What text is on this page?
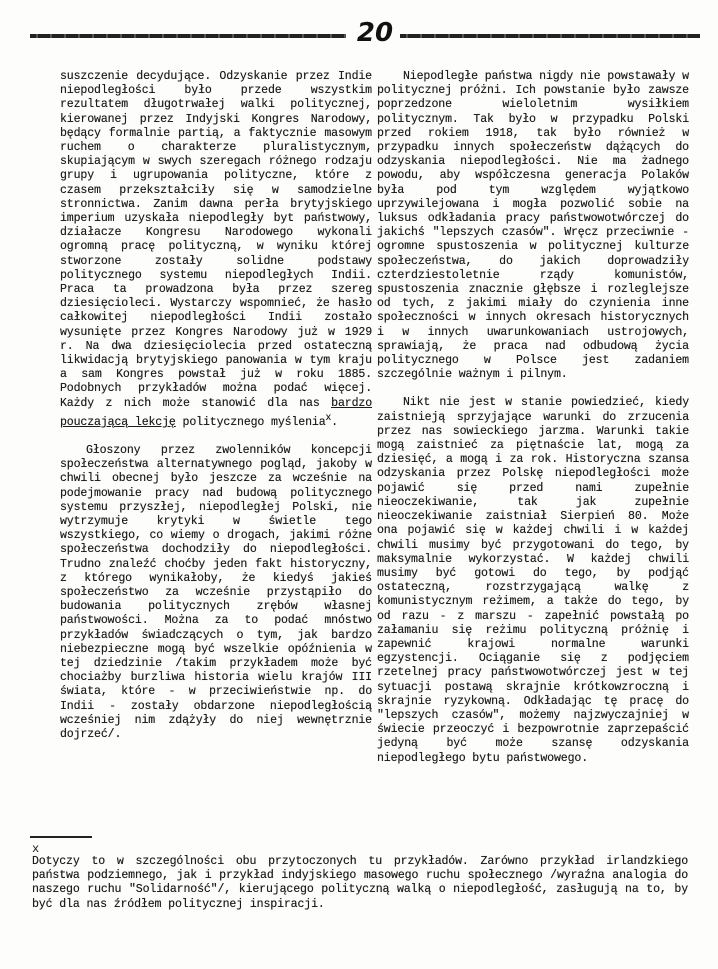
20

suszczenie decydujące. Odzyskanie przez Indie niepodległości było przede wszystkim rezultatem długotrwałej walki politycznej, kierowanej przez Indyjski Kongres Narodowy, będący formalnie partią, a faktycznie masowym ruchem o charakterze pluralistycznym, skupiającym w swych szeregach różnego rodzaju grupy i ugrupowania polityczne, które z czasem przekształciły się w samodzielne stronnictwa. Zanim dawna perła brytyjskiego imperium uzyskała niepodległy byt państwowy, działacze Kongresu Narodowego wykonali ogromną pracę polityczną, w wyniku której stworzone zostały solidne podstawy politycznego systemu niepodległych Indii. Praca ta prowadzona była przez szereg dziesięcioleci. Wystarczy wspomnieć, że hasło całkowitej niepodległości Indii zostało wysunięte przez Kongres Narodowy już w 1929 r. Na dwa dziesięciolecia przed ostateczną likwidacją brytyjskiego panowania w tym kraju a sam Kongres powstał już w roku 1885. Podobnych przykładów można podać więcej. Każdy z nich może stanowić dla nas bardzo pouczającą lekcję politycznego myślenia$^x$.

Głoszony przez zwolenników koncepcji społeczeństwa alternatywnego pogląd, jakoby w chwili obecnej było jeszcze za wcześnie na podejmowanie pracy nad budową politycznego systemu przyszłej, niepodległej Polski, nie wytrzymuje krytyki w świetle tego wszystkiego, co wiemy o drogach, jakimi różne społeczeństwa dochodziły do niepodległości. Trudno znaleźć choćby jeden fakt historyczny, z którego wynikałoby, że kiedyś jakieś społeczeństwo za wcześnie przystąpiło do budowania politycznych zrębów własnej państwowości. Można za to podać mnóstwo przykładów świadczących o tym, jak bardzo niebezpieczne mogą być wszelkie opóźnienia w tej dziedzinie /takim przykładem może być chociażby burzliwa historia wielu krajów III świata, które - w przeciwieństwie np. do Indii - zostały obdarzone niepodległością wcześniej nim zdążyły do niej wewnętrznie dojrzeć/.

Niepodległe państwa nigdy nie powstawały w politycznej próżni. Ich powstanie było zawsze poprzedzone wieloletnim wysiłkiem politycznym. Tak było w przypadku Polski przed rokiem 1918, tak było również w przypadku innych społeczeństw dążących do odzyskania niepodległości. Nie ma żadnego powodu, aby współczesna generacja Polaków była pod tym względem wyjątkowo uprzywilejowana i mogła pozwolić sobie na luksus odkładania pracy państwowotwórczej do jakichś "lepszych czasów". Wręcz przeciwnie - ogromne spustoszenia w politycznej kulturze społeczeństwa, do jakich doprowadziły czterdziestoletnie rządy komunistów, spustoszenia znacznie głębsze i rozleglejsze od tych, z jakimi miały do czynienia inne społeczności w innych okresach historycznych i w innych uwarunkowaniach ustrojowych, sprawiają, że praca nad odbudową życia politycznego w Polsce jest zadaniem szczególnie ważnym i pilnym.

Nikt nie jest w stanie powiedzieć, kiedy zaistnieją sprzyjające warunki do zrzucenia przez nas sowieckiego jarzma. Warunki takie mogą zaistnieć za piętnaście lat, mogą za dziesięć, a mogą i za rok. Historyczna szansa odzyskania przez Polskę niepodległości może pojawić się przed nami zupełnie nieoczekiwanie, tak jak zupełnie nieoczekiwanie zaistniał Sierpień 80. Może ona pojawić się w każdej chwili i w każdej chwili musimy być przygotowani do tego, by maksymalnie wykorzystać. W każdej chwili musimy być gotowi do tego, by podjąć ostateczną, rozstrzygającą walkę z komunistycznym reżimem, a także do tego, by od razu - z marszu - zapełnić powstałą po załamaniu się reżimu polityczną próżnię i zapewnić krajowi normalne warunki egzystencji. Ociąganie się z podjęciem rzetelnej pracy państwowotwórczej jest w tej sytuacji postawą skrajnie krótkowzroczną i skrajnie ryzykowną. Odkładając tę pracę do "lepszych czasów", możemy najzwyczajniej w świecie przeoczyć i bezpowrotnie zaprzepaścić jedyną być może szansę odzyskania niepodległego bytu państwowego.

x
Dotyczy to w szczególności obu przytoczonych tu przykładów. Zarówno przykład irlandzkiego państwa podziemnego, jak i przykład indyjskiego masowego ruchu społecznego /wyraźna analogia do naszego ruchu "Solidarność"/, kierującego polityczną walką o niepodległość, zasługują na to, by być dla nas źródłem politycznej inspiracji.
